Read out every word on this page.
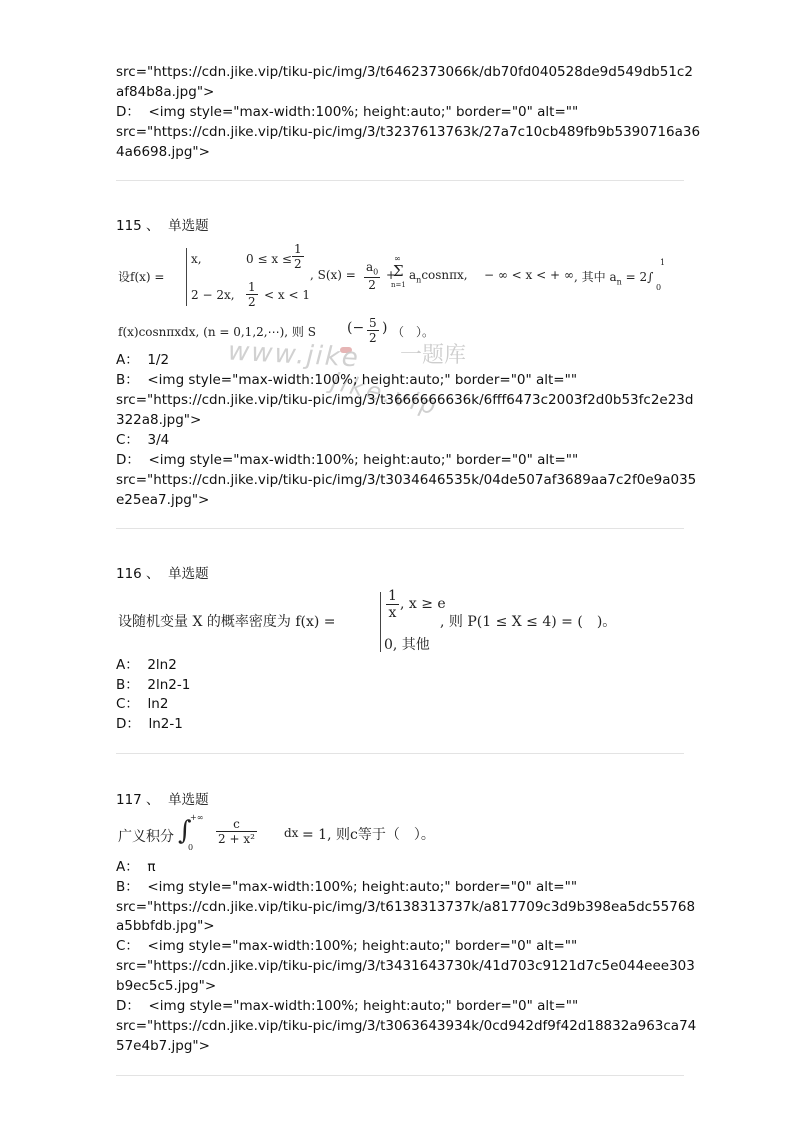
src="https://cdn.jike.vip/tiku-pic/img/3/t6462373066k/db70fd040528de9d549db51c2
af84b8a.jpg">
D： <img style="max-width:100%; height:auto;" border="0" alt=""
src="https://cdn.jike.vip/tiku-pic/img/3/t3237613763k/27a7c10cb489fb9b5390716a36
4a6698.jpg">
115 、  单选题
设f(x) =
x,	$0 \le x \le \frac{1}{2}$
2 − 2x, $\frac{1}{2} < x < 1$
, $S(x) = \frac{a_0}{2}$ +
∞
Σ
n=1
$a_n\cos n\pi x$, − ∞ < x < + ∞ , 其中 $a_n = 2\int$
1
0
f(x)cosnπxdx, (n = 0,1,2,⋯), 则 S (− $\frac{5}{2}$ ) （　）。
www.jike
jike.vip
一题库
A： 1/2
B： <img style="max-width:100%; height:auto;" border="0" alt=""
src="https://cdn.jike.vip/tiku-pic/img/3/t3666666636k/6fff6473c2003f2d0b53fc2e23d
322a8.jpg">
C： 3/4
D： <img style="max-width:100%; height:auto;" border="0" alt=""
src="https://cdn.jike.vip/tiku-pic/img/3/t3034646535k/04de507af3689aa7c2f0e9a035
e25ea7.jpg">
116 、  单选题
设随机变量 X 的概率密度为 f(x) =
$\frac{1}{x}$ , x ≥ e
0, 其他
, 则 P(1 ≤ X ≤ 4) = (　)。
A： 2ln2
B： 2ln2-1
C： ln2
D： ln2-1
117 、  单选题
广义积分 ∫
+∞
0
$\frac{c}{\text{2 + x²}}$ dx = 1, 则c等于（　）。
A： π
B： <img style="max-width:100%; height:auto;" border="0" alt=""
src="https://cdn.jike.vip/tiku-pic/img/3/t6138313737k/a817709c3d9b398ea5dc55768
a5bbfdb.jpg">
C： <img style="max-width:100%; height:auto;" border="0" alt=""
src="https://cdn.jike.vip/tiku-pic/img/3/t3431643730k/41d703c9121d7c5e044eee303
b9ec5c5.jpg">
D： <img style="max-width:100%; height:auto;" border="0" alt=""
src="https://cdn.jike.vip/tiku-pic/img/3/t3063643934k/0cd942df9f42d18832a963ca74
57e4b7.jpg">
